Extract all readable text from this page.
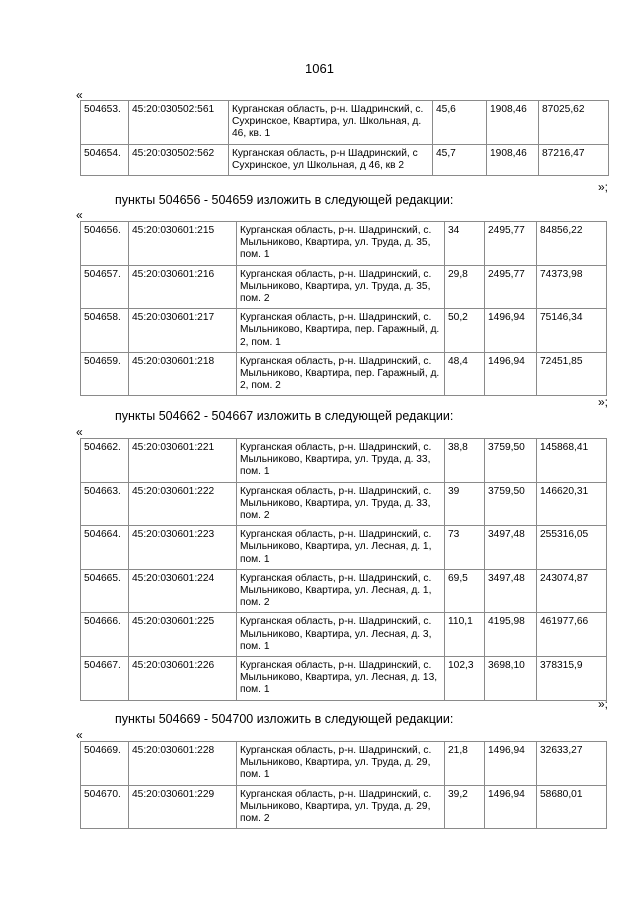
1061
«
504653.	45:20:030502:561	Курганская область, р-н. Шадринский, с. Сухринское, Квартира, ул. Школьная, д. 46, кв. 1	45,6	1908,46	87025,62
504654.	45:20:030502:562	Курганская область, р-н Шадринский, с Сухринское, ул Школьная, д 46, кв 2	45,7	1908,46	87216,47
»;
пункты 504656 - 504659 изложить в следующей редакции:
«
504656.	45:20:030601:215	Курганская область, р-н. Шадринский, с. Мыльниково, Квартира, ул. Труда, д. 35, пом. 1	34	2495,77	84856,22
504657.	45:20:030601:216	Курганская область, р-н. Шадринский, с. Мыльниково, Квартира, ул. Труда, д. 35, пом. 2	29,8	2495,77	74373,98
504658.	45:20:030601:217	Курганская область, р-н. Шадринский, с. Мыльниково, Квартира, пер. Гаражный, д. 2, пом. 1	50,2	1496,94	75146,34
504659.	45:20:030601:218	Курганская область, р-н. Шадринский, с. Мыльниково, Квартира, пер. Гаражный, д. 2, пом. 2	48,4	1496,94	72451,85
»;
пункты 504662 - 504667 изложить в следующей редакции:
«
504662.	45:20:030601:221	Курганская область, р-н. Шадринский, с. Мыльниково, Квартира, ул. Труда, д. 33, пом. 1	38,8	3759,50	145868,41
504663.	45:20:030601:222	Курганская область, р-н. Шадринский, с. Мыльниково, Квартира, ул. Труда, д. 33, пом. 2	39	3759,50	146620,31
504664.	45:20:030601:223	Курганская область, р-н. Шадринский, с. Мыльниково, Квартира, ул. Лесная, д. 1, пом. 1	73	3497,48	255316,05
504665.	45:20:030601:224	Курганская область, р-н. Шадринский, с. Мыльниково, Квартира, ул. Лесная, д. 1, пом. 2	69,5	3497,48	243074,87
504666.	45:20:030601:225	Курганская область, р-н. Шадринский, с. Мыльниково, Квартира, ул. Лесная, д. 3, пом. 1	110,1	4195,98	461977,66
504667.	45:20:030601:226	Курганская область, р-н. Шадринский, с. Мыльниково, Квартира, ул. Лесная, д. 13, пом. 1	102,3	3698,10	378315,9
»;
пункты 504669 - 504700 изложить в следующей редакции:
«
504669.	45:20:030601:228	Курганская область, р-н. Шадринский, с. Мыльниково, Квартира, ул. Труда, д. 29, пом. 1	21,8	1496,94	32633,27
504670.	45:20:030601:229	Курганская область, р-н. Шадринский, с. Мыльниково, Квартира, ул. Труда, д. 29, пом. 2	39,2	1496,94	58680,01
